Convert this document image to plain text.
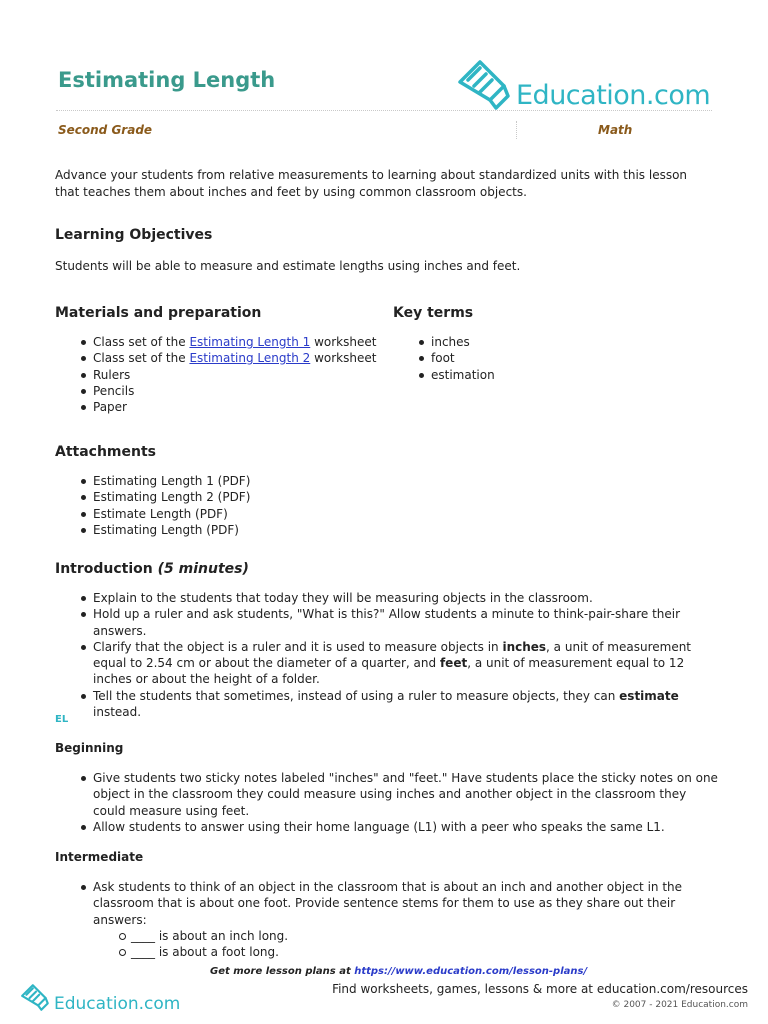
Estimating Length	Education.com
Second Grade	Math

Advance your students from relative measurements to learning about standardized units with this lesson that teaches them about inches and feet by using common classroom objects.

Learning Objectives

Students will be able to measure and estimate lengths using inches and feet.

Materials and preparation
Class set of the Estimating Length 1 worksheet
Class set of the Estimating Length 2 worksheet
Rulers
Pencils
Paper
Key terms
inches
foot
estimation
Attachments
Estimating Length 1 (PDF)
Estimating Length 2 (PDF)
Estimate Length (PDF)
Estimating Length (PDF)
Introduction (5 minutes)
Explain to the students that today they will be measuring objects in the classroom.
Hold up a ruler and ask students, "What is this?" Allow students a minute to think-pair-share their answers.
Clarify that the object is a ruler and it is used to measure objects in inches, a unit of measurement equal to 2.54 cm or about the diameter of a quarter, and feet, a unit of measurement equal to 12 inches or about the height of a folder.
Tell the students that sometimes, instead of using a ruler to measure objects, they can estimate instead.
EL
Beginning
Give students two sticky notes labeled "inches" and "feet." Have students place the sticky notes on one object in the classroom they could measure using inches and another object in the classroom they could measure using feet.
Allow students to answer using their home language (L1) with a peer who speaks the same L1.
Intermediate
Ask students to think of an object in the classroom that is about an inch and another object in the classroom that is about one foot. Provide sentence stems for them to use as they share out their answers:
____ is about an inch long.
____ is about a foot long.
Get more lesson plans at https://www.education.com/lesson-plans/
Education.com
Find worksheets, games, lessons & more at education.com/resources
© 2007 - 2021 Education.com
